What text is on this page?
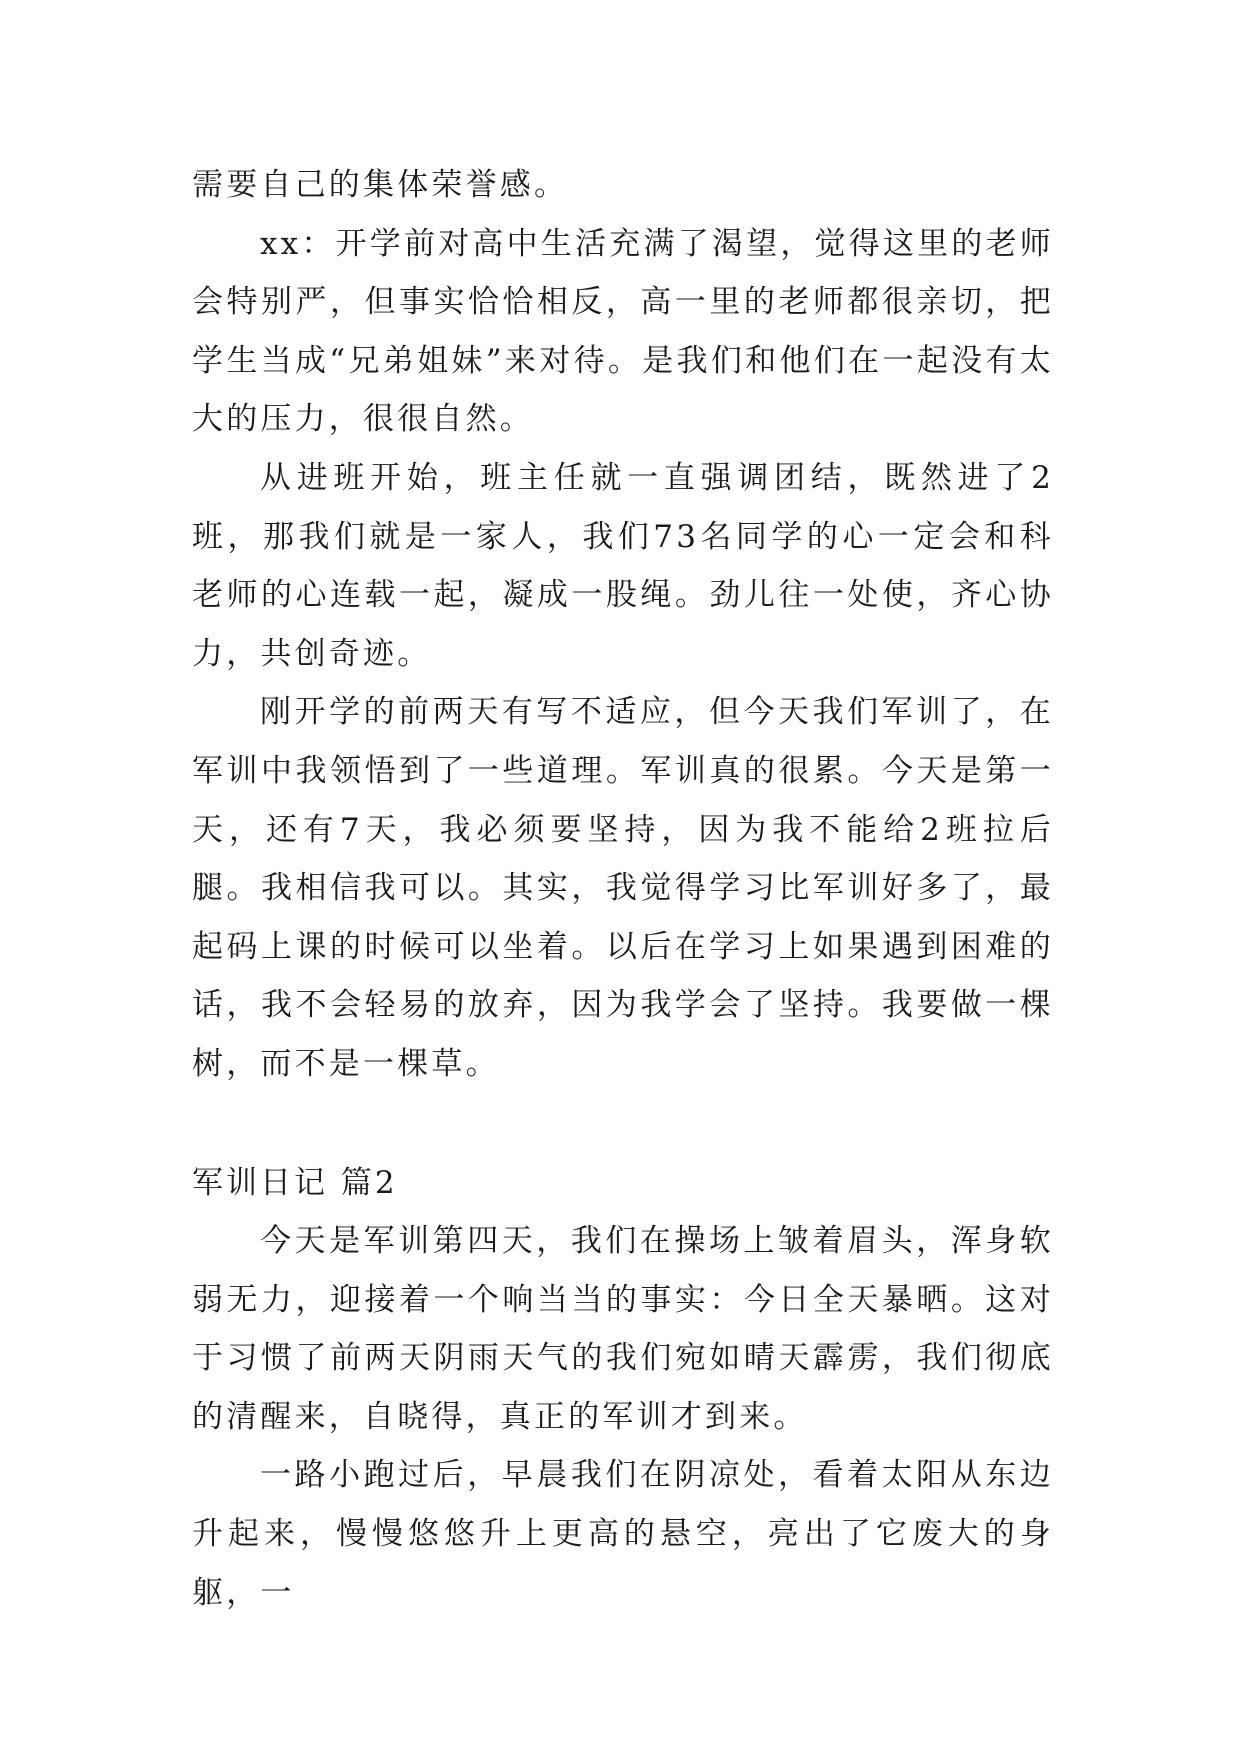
需要自己的集体荣誉感。

xx：开学前对高中生活充满了渴望，觉得这里的老师会特别严，但事实恰恰相反，高一里的老师都很亲切，把学生当成“兄弟姐妹”来对待。是我们和他们在一起没有太大的压力，很很自然。

从进班开始，班主任就一直强调团结，既然进了2班，那我们就是一家人，我们73名同学的心一定会和科老师的心连载一起，凝成一股绳。劲儿往一处使，齐心协力，共创奇迹。

刚开学的前两天有写不适应，但今天我们军训了，在军训中我领悟到了一些道理。军训真的很累。今天是第一天，还有7天，我必须要坚持，因为我不能给2班拉后腿。我相信我可以。其实，我觉得学习比军训好多了，最起码上课的时候可以坐着。以后在学习上如果遇到困难的话，我不会轻易的放弃，因为我学会了坚持。我要做一棵树，而不是一棵草。

军训日记 篇2

今天是军训第四天，我们在操场上皱着眉头，浑身软弱无力，迎接着一个响当当的事实：今日全天暴晒。这对于习惯了前两天阴雨天气的我们宛如晴天霹雳，我们彻底的清醒来，自晓得，真正的军训才到来。

一路小跑过后，早晨我们在阴凉处，看着太阳从东边升起来，慢慢悠悠升上更高的悬空，亮出了它废大的身躯，一
